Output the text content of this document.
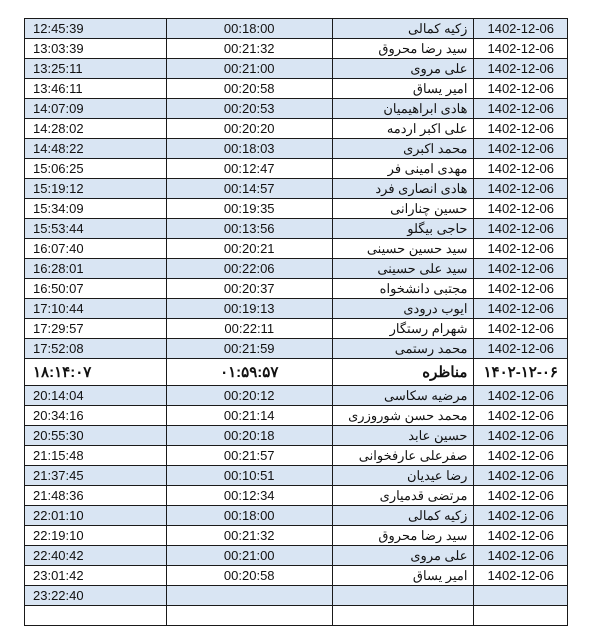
12:45:39	00:18:00	زکیه کمالی	1402-12-06
13:03:39	00:21:32	سید رضا محروق	1402-12-06
13:25:11	00:21:00	علی مروی	1402-12-06
13:46:11	00:20:58	امیر یساق	1402-12-06
14:07:09	00:20:53	هادی ابراهیمیان	1402-12-06
14:28:02	00:20:20	علی اکبر اردمه	1402-12-06
14:48:22	00:18:03	محمد اکبری	1402-12-06
15:06:25	00:12:47	مهدی امینی فر	1402-12-06
15:19:12	00:14:57	هادی انصاری فرد	1402-12-06
15:34:09	00:19:35	حسین چنارانی	1402-12-06
15:53:44	00:13:56	حاجی بیگلو	1402-12-06
16:07:40	00:20:21	سید حسین حسینی	1402-12-06
16:28:01	00:22:06	سید علی حسینی	1402-12-06
16:50:07	00:20:37	مجتبی دانشخواه	1402-12-06
17:10:44	00:19:13	ایوب درودی	1402-12-06
17:29:57	00:22:11	شهرام رستگار	1402-12-06
17:52:08	00:21:59	محمد رستمی	1402-12-06
۱۸:۱۴:۰۷	۰۱:۵۹:۵۷	مناظره	۱۴۰۲-۱۲-۰۶
20:14:04	00:20:12	مرضیه سکاسی	1402-12-06
20:34:16	00:21:14	محمد حسن شوروزری	1402-12-06
20:55:30	00:20:18	حسین عابد	1402-12-06
21:15:48	00:21:57	صفرعلی عارفخوانی	1402-12-06
21:37:45	00:10:51	رضا عیدیان	1402-12-06
21:48:36	00:12:34	مرتضی قدمیاری	1402-12-06
22:01:10	00:18:00	زکیه کمالی	1402-12-06
22:19:10	00:21:32	سید رضا محروق	1402-12-06
22:40:42	00:21:00	علی مروی	1402-12-06
23:01:42	00:20:58	امیر یساق	1402-12-06
23:22:40			
